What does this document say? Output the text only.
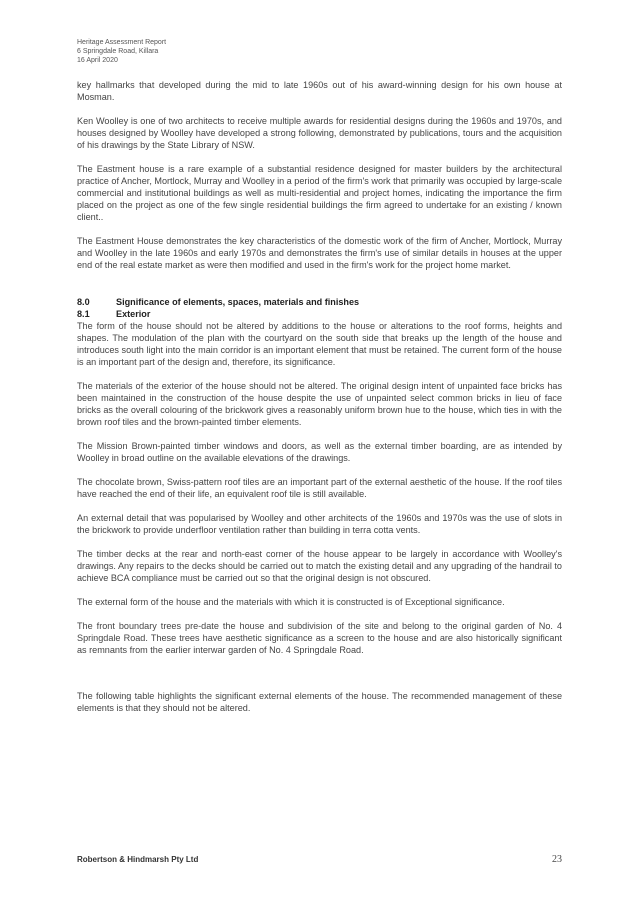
Heritage Assessment Report
6 Springdale Road, Killara
16 April 2020

key hallmarks that developed during the mid to late 1960s out of his award-winning design for his own house at Mosman.

Ken Woolley is one of two architects to receive multiple awards for residential designs during the 1960s and 1970s, and houses designed by Woolley have developed a strong following, demonstrated by publications, tours and the acquisition of his drawings by the State Library of NSW.

The Eastment house is a rare example of a substantial residence designed for master builders by the architectural practice of Ancher, Mortlock, Murray and Woolley in a period of the firm's work that primarily was occupied by large-scale commercial and institutional buildings as well as multi-residential and project homes, indicating the importance the firm placed on the project as one of the few single residential buildings the firm agreed to undertake for an existing / known client..

The Eastment House demonstrates the key characteristics of the domestic work of the firm of Ancher, Mortlock, Murray and Woolley in the late 1960s and early 1970s and demonstrates the firm's use of similar details in houses at the upper end of the real estate market as were then modified and used in the firm's work for the project home market.

8.0	Significance of elements, spaces, materials and finishes
8.1	Exterior

The form of the house should not be altered by additions to the house or alterations to the roof forms, heights and shapes. The modulation of the plan with the courtyard on the south side that breaks up the length of the house and introduces south light into the main corridor is an important element that must be retained. The current form of the house is an important part of the design and, therefore, its significance.

The materials of the exterior of the house should not be altered. The original design intent of unpainted face bricks has been maintained in the construction of the house despite the use of unpainted select common bricks in lieu of face bricks as the overall colouring of the brickwork gives a reasonably uniform brown hue to the house, which ties in with the brown roof tiles and the brown-painted timber elements.

The Mission Brown-painted timber windows and doors, as well as the external timber boarding, are as intended by Woolley in broad outline on the available elevations of the drawings.

The chocolate brown, Swiss-pattern roof tiles are an important part of the external aesthetic of the house. If the roof tiles have reached the end of their life, an equivalent roof tile is still available.

An external detail that was popularised by Woolley and other architects of the 1960s and 1970s was the use of slots in the brickwork to provide underfloor ventilation rather than building in terra cotta vents.

The timber decks at the rear and north-east corner of the house appear to be largely in accordance with Woolley's drawings. Any repairs to the decks should be carried out to match the existing detail and any upgrading of the handrail to achieve BCA compliance must be carried out so that the original design is not obscured.

The external form of the house and the materials with which it is constructed is of Exceptional significance.

The front boundary trees pre-date the house and subdivision of the site and belong to the original garden of No. 4 Springdale Road. These trees have aesthetic significance as a screen to the house and are also historically significant as remnants from the earlier interwar garden of No. 4 Springdale Road.

The following table highlights the significant external elements of the house. The recommended management of these elements is that they should not be altered.

Robertson & Hindmarsh Pty Ltd	23
